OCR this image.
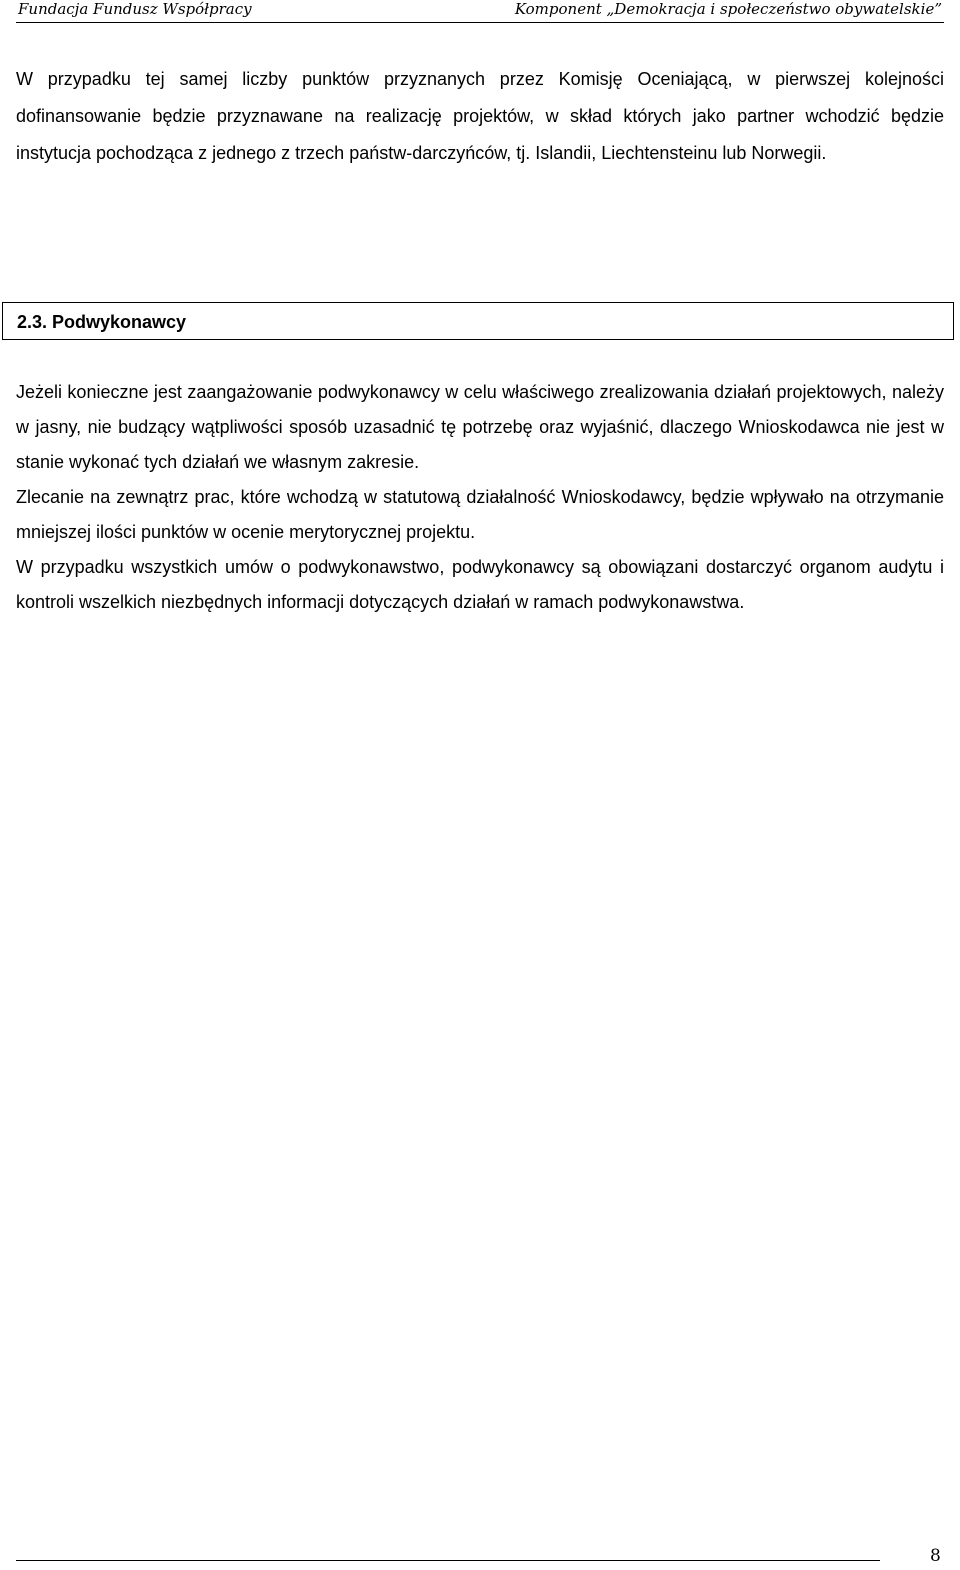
Fundacja Fundusz Współpracy	Komponent „Demokracja i społeczeństwo obywatelskie”

W przypadku tej samej liczby punktów przyznanych przez Komisję Oceniającą, w pierwszej kolejności dofinansowanie będzie przyznawane na realizację projektów, w skład których jako partner wchodzić będzie instytucja pochodząca z jednego z trzech państw-darczyńców, tj. Islandii, Liechtensteinu lub Norwegii.

2.3. Podwykonawcy
Jeżeli konieczne jest zaangażowanie podwykonawcy w celu właściwego zrealizowania działań projektowych, należy w jasny, nie budzący wątpliwości sposób uzasadnić tę potrzebę oraz wyjaśnić, dlaczego Wnioskodawca nie jest w stanie wykonać tych działań we własnym zakresie.
Zlecanie na zewnątrz prac, które wchodzą w statutową działalność Wnioskodawcy, będzie wpływało na otrzymanie mniejszej ilości punktów w ocenie merytorycznej projektu.
W przypadku wszystkich umów o podwykonawstwo, podwykonawcy są obowiązani dostarczyć organom audytu i kontroli wszelkich niezbędnych informacji dotyczących działań w ramach podwykonawstwa.
8
